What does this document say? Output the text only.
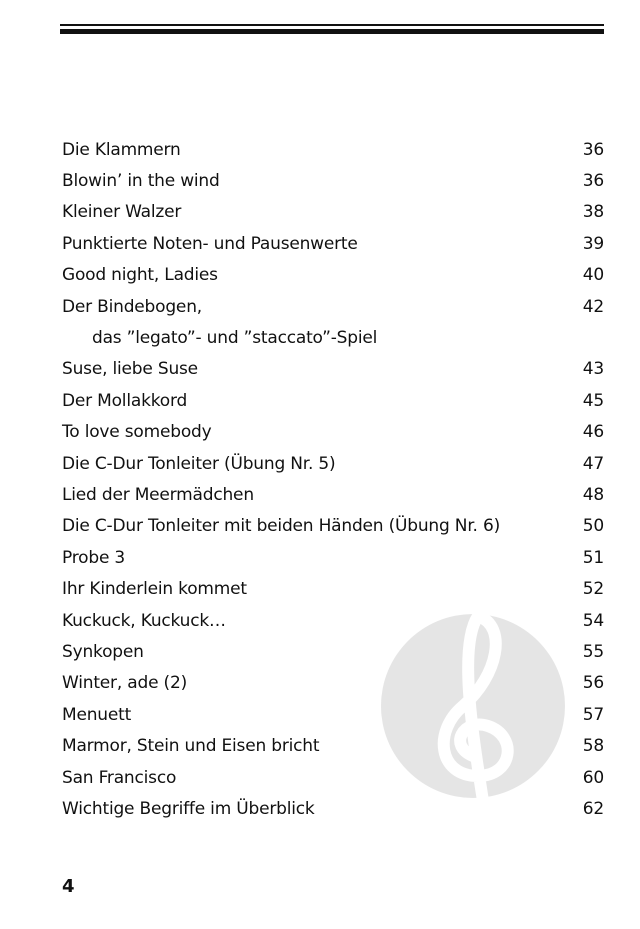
Die Klammern	36
Blowin’ in the wind	36
Kleiner Walzer	38
Punktierte Noten- und Pausenwerte	39
Good night, Ladies	40
Der Bindebogen,	42
das ”legato”- und ”staccato”-Spiel
Suse, liebe Suse	43
Der Mollakkord	45
To love somebody	46
Die C-Dur Tonleiter (Übung Nr. 5)	47
Lied der Meermädchen	48
Die C-Dur Tonleiter mit beiden Händen (Übung Nr. 6)	50
Probe 3	51
Ihr Kinderlein kommet	52
Kuckuck, Kuckuck…	54
Synkopen	55
Winter, ade (2)	56
Menuett	57
Marmor, Stein und Eisen bricht	58
San Francisco	60
Wichtige Begriffe im Überblick	62
4
